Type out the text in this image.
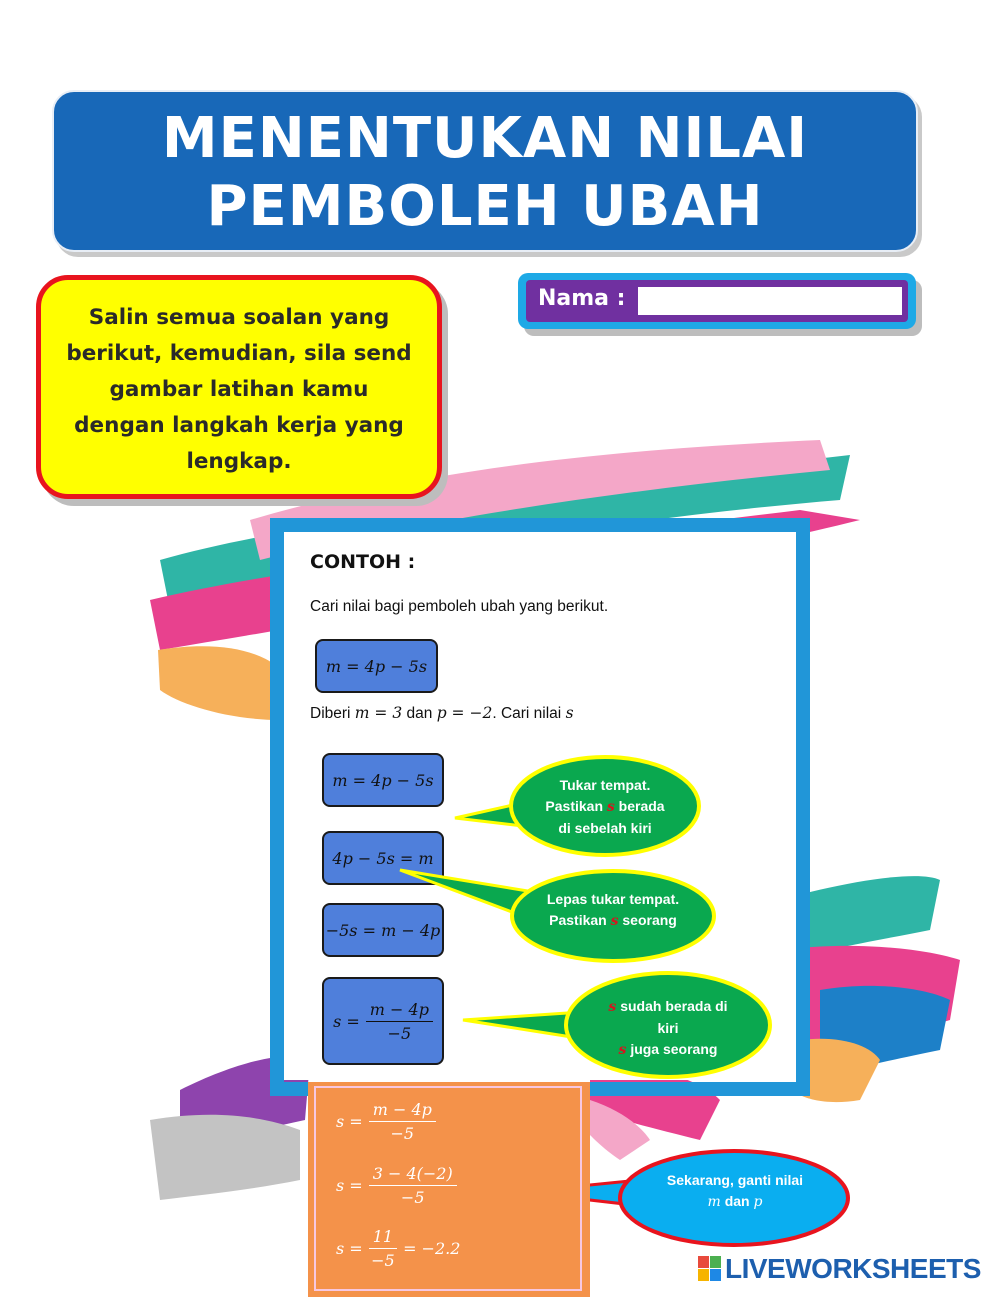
MENENTUKAN NILAI
PEMBOLEH UBAH
Salin semua soalan yang berikut, kemudian, sila send gambar latihan kamu dengan langkah kerja yang lengkap.
Nama :
CONTOH :
Cari nilai bagi pemboleh ubah yang berikut.
m = 4p − 5s
Diberi m = 3 dan p = −2. Cari nilai s
m = 4p − 5s
4p − 5s = m
−5s = m − 4p
$s = \frac{m - 4p}{-5}$
Tukar tempat.
Pastikan s berada
di sebelah kiri
Lepas tukar tempat.
Pastikan s seorang
s sudah berada di
kiri
s juga seorang
Sekarang, ganti nilai
m dan p
$s = \frac{m - 4p}{-5}$
$s = \frac{3 - 4(-2)}{-5}$
$s = \frac{11}{-5} = -2.2$
LIVEWORKSHEETS
